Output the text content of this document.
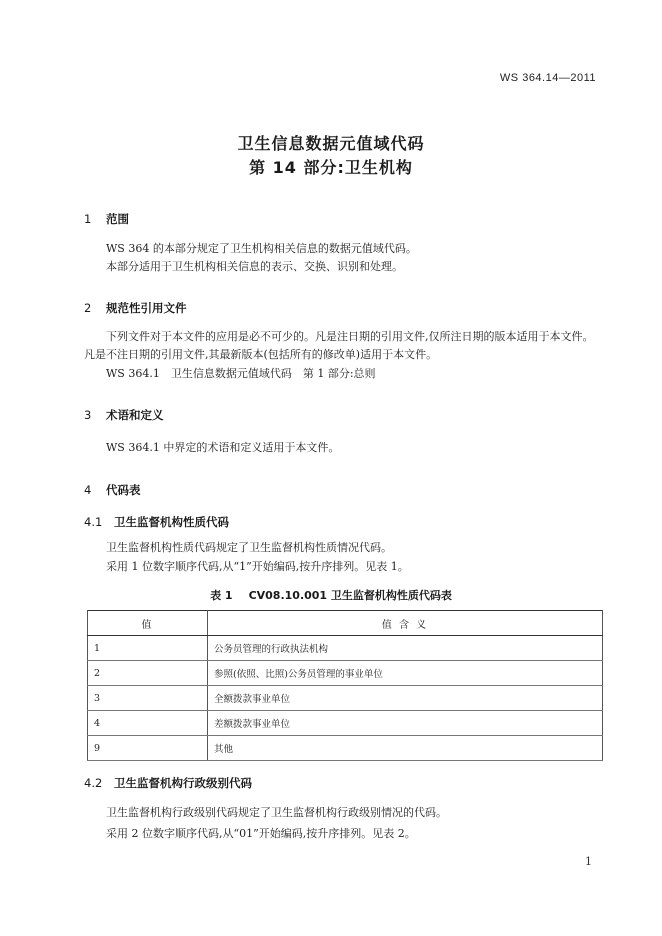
WS 364.14—2011
卫生信息数据元值域代码
第 14 部分:卫生机构
1 范围
WS 364 的本部分规定了卫生机构相关信息的数据元值域代码。
本部分适用于卫生机构相关信息的表示、交换、识别和处理。
2 规范性引用文件
下列文件对于本文件的应用是必不可少的。凡是注日期的引用文件,仅所注日期的版本适用于本文件。凡是不注日期的引用文件,其最新版本(包括所有的修改单)适用于本文件。
WS 364.1　卫生信息数据元值域代码　第 1 部分:总则
3 术语和定义
WS 364.1 中界定的术语和定义适用于本文件。
4 代码表
4.1 卫生监督机构性质代码
卫生监督机构性质代码规定了卫生监督机构性质情况代码。
采用 1 位数字顺序代码,从“1”开始编码,按升序排列。见表 1。
表 1 CV08.10.001 卫生监督机构性质代码表
值	值 含 义
1	公务员管理的行政执法机构
2	参照(依照、比照)公务员管理的事业单位
3	全额拨款事业单位
4	差额拨款事业单位
9	其他
4.2 卫生监督机构行政级别代码
卫生监督机构行政级别代码规定了卫生监督机构行政级别情况的代码。
采用 2 位数字顺序代码,从“01”开始编码,按升序排列。见表 2。
1
